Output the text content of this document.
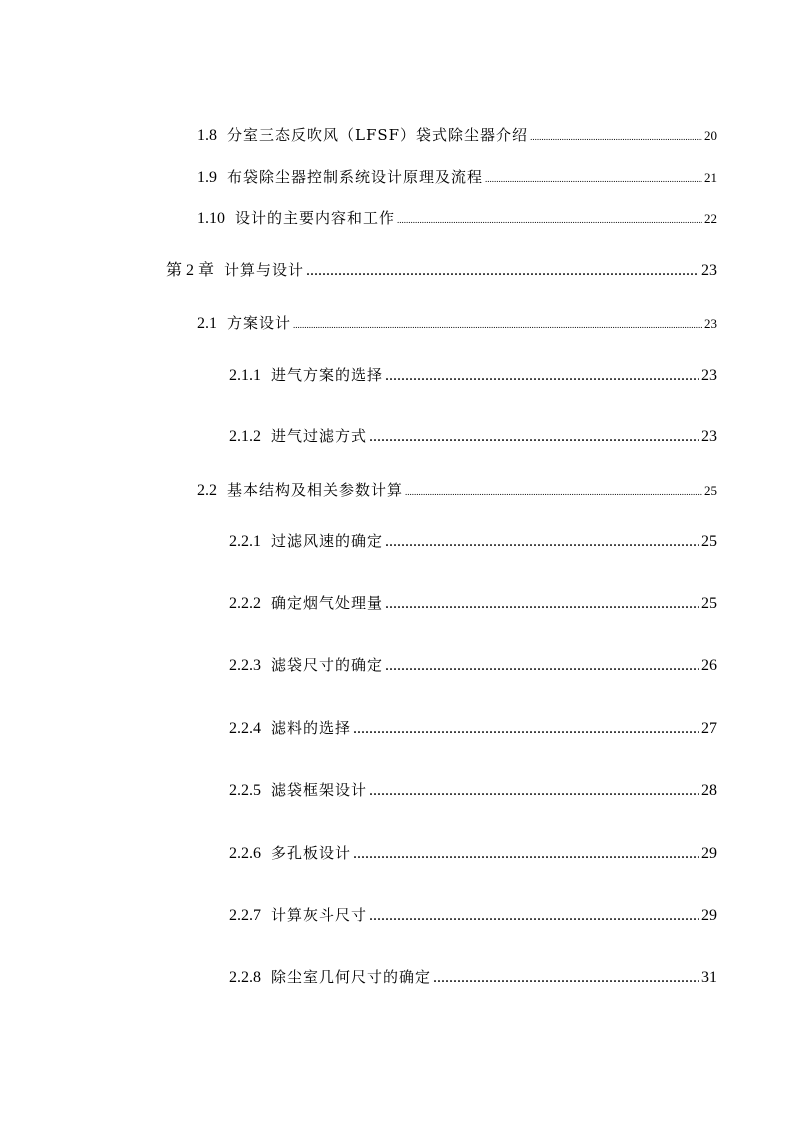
1.8 分室三态反吹风（LFSF）袋式除尘器介绍 .....	20
1.9 布袋除尘器控制系统设计原理及流程 .....	21
1.10 设计的主要内容和工作 .....	22
第 2 章 计算与设计 .....	23
2.1 方案设计 .....	23
2.1.1 进气方案的选择 .....	23
2.1.2 进气过滤方式 .....	23
2.2 基本结构及相关参数计算 .....	25
2.2.1 过滤风速的确定 .....	25
2.2.2 确定烟气处理量 .....	25
2.2.3 滤袋尺寸的确定 .....	26
2.2.4 滤料的选择 .....	27
2.2.5 滤袋框架设计 .....	28
2.2.6 多孔板设计 .....	29
2.2.7 计算灰斗尺寸 .....	29
2.2.8 除尘室几何尺寸的确定 .....	31
